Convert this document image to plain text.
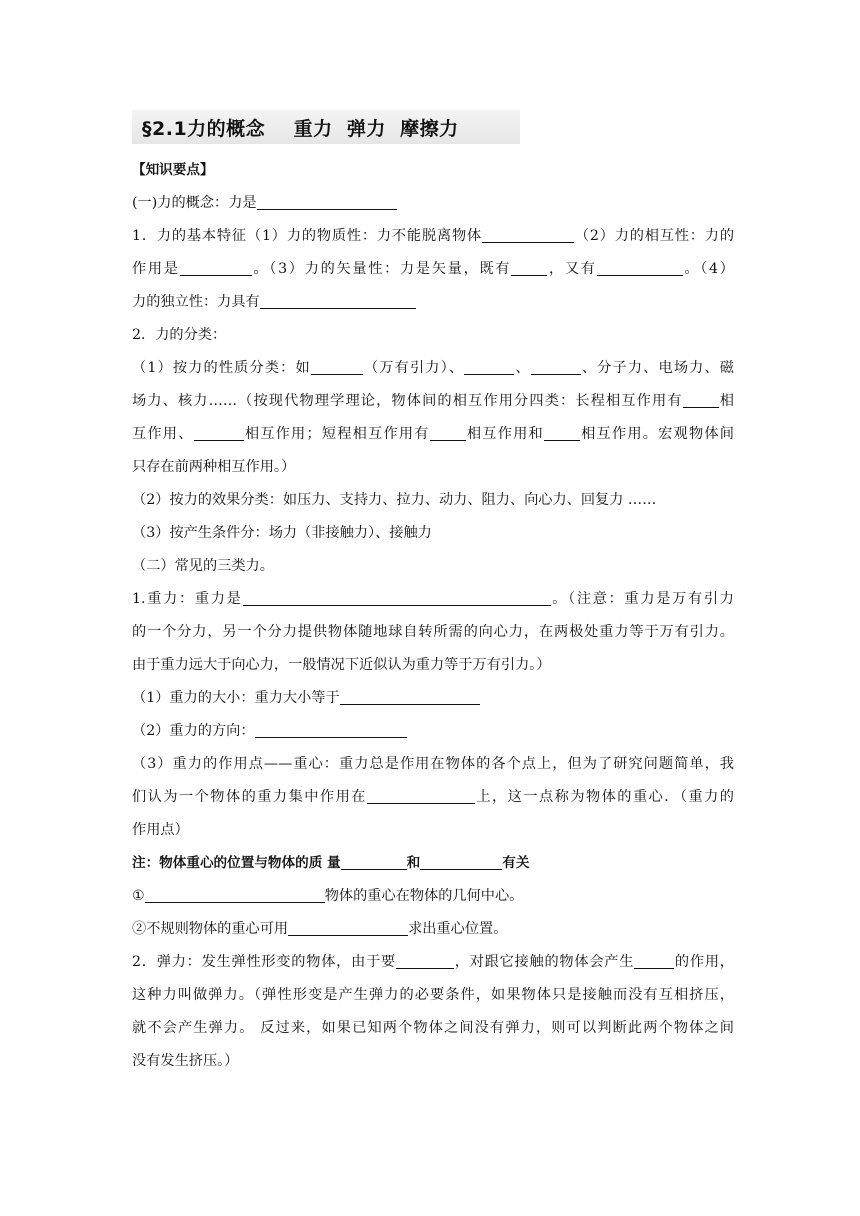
§2.1力的概念    重力  弹力  摩擦力
【知识要点】
(一)力的概念：力是
1．力的基本特征（1）力的物质性：力不能脱离物体	（2）力的相互性：力的
作用是	。（3）力的矢量性：力是矢量，既有	，又有	。（4）
力的独立性：力具有
2．力的分类：
（1）按力的性质分类：如	（万有引力）、	、	、分子力、电场力、磁
场力、核力……（按现代物理学理论，物体间的相互作用分四类：长程相互作用有	相
互作用、	相互作用；短程相互作用有	相互作用和	相互作用。宏观物体间
只存在前两种相互作用。）
（2）按力的效果分类：如压力、支持力、拉力、动力、阻力、向心力、回复力 ……
（3）按产生条件分：场力（非接触力）、接触力
（二）常见的三类力。
1.重力：重力是	。（注意：重力是万有引力
的一个分力，另一个分力提供物体随地球自转所需的向心力，在两极处重力等于万有引力。
由于重力远大于向心力，一般情况下近似认为重力等于万有引力。）
（1）重力的大小：重力大小等于
（2）重力的方向：
（3）重力的作用点——重心：重力总是作用在物体的各个点上，但为了研究问题简单，我
们认为一个物体的重力集中作用在	上，这一点称为物体的重心．（重力的
作用点）
注：物体重心的位置与物体的质 量	和	有关
①	物体的重心在物体的几何中心。
②不规则物体的重心可用	求出重心位置。
2．弹力：发生弹性形变的物体，由于要	，对跟它接触的物体会产生	的作用，
这种力叫做弹力。（弹性形变是产生弹力的必要条件，如果物体只是接触而没有互相挤压，
就不会产生弹力。 反过来，如果已知两个物体之间没有弹力，则可以判断此两个物体之间
没有发生挤压。）
